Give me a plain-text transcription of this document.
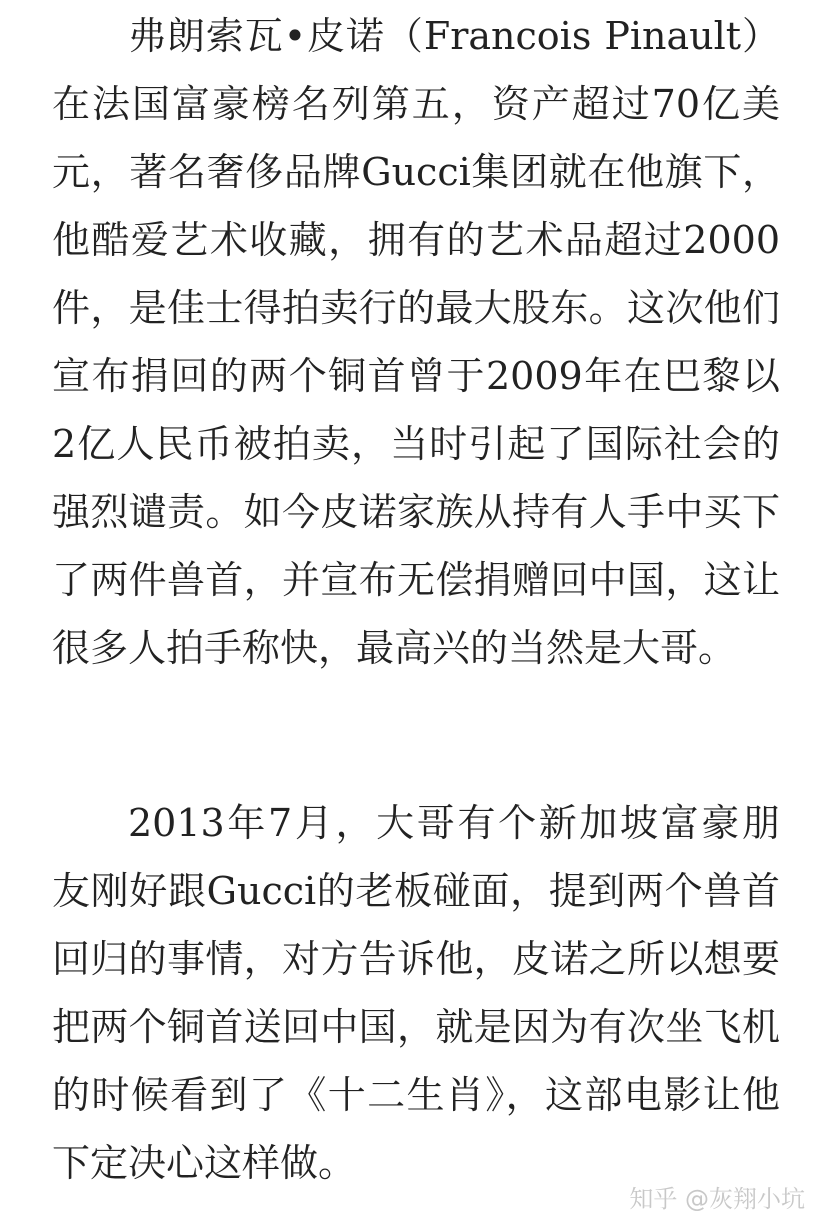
弗朗索瓦•皮诺（Francois Pinault）在法国富豪榜名列第五，资产超过70亿美元，著名奢侈品牌Gucci集团就在他旗下，他酷爱艺术收藏，拥有的艺术品超过2000件，是佳士得拍卖行的最大股东。这次他们宣布捐回的两个铜首曾于2009年在巴黎以2亿人民币被拍卖，当时引起了国际社会的强烈谴责。如今皮诺家族从持有人手中买下了两件兽首，并宣布无偿捐赠回中国，这让很多人拍手称快，最高兴的当然是大哥。

2013年7月，大哥有个新加坡富豪朋友刚好跟Gucci的老板碰面，提到两个兽首回归的事情，对方告诉他，皮诺之所以想要把两个铜首送回中国，就是因为有次坐飞机的时候看到了《十二生肖》，这部电影让他下定决心这样做。

知乎 @灰翔小坑
